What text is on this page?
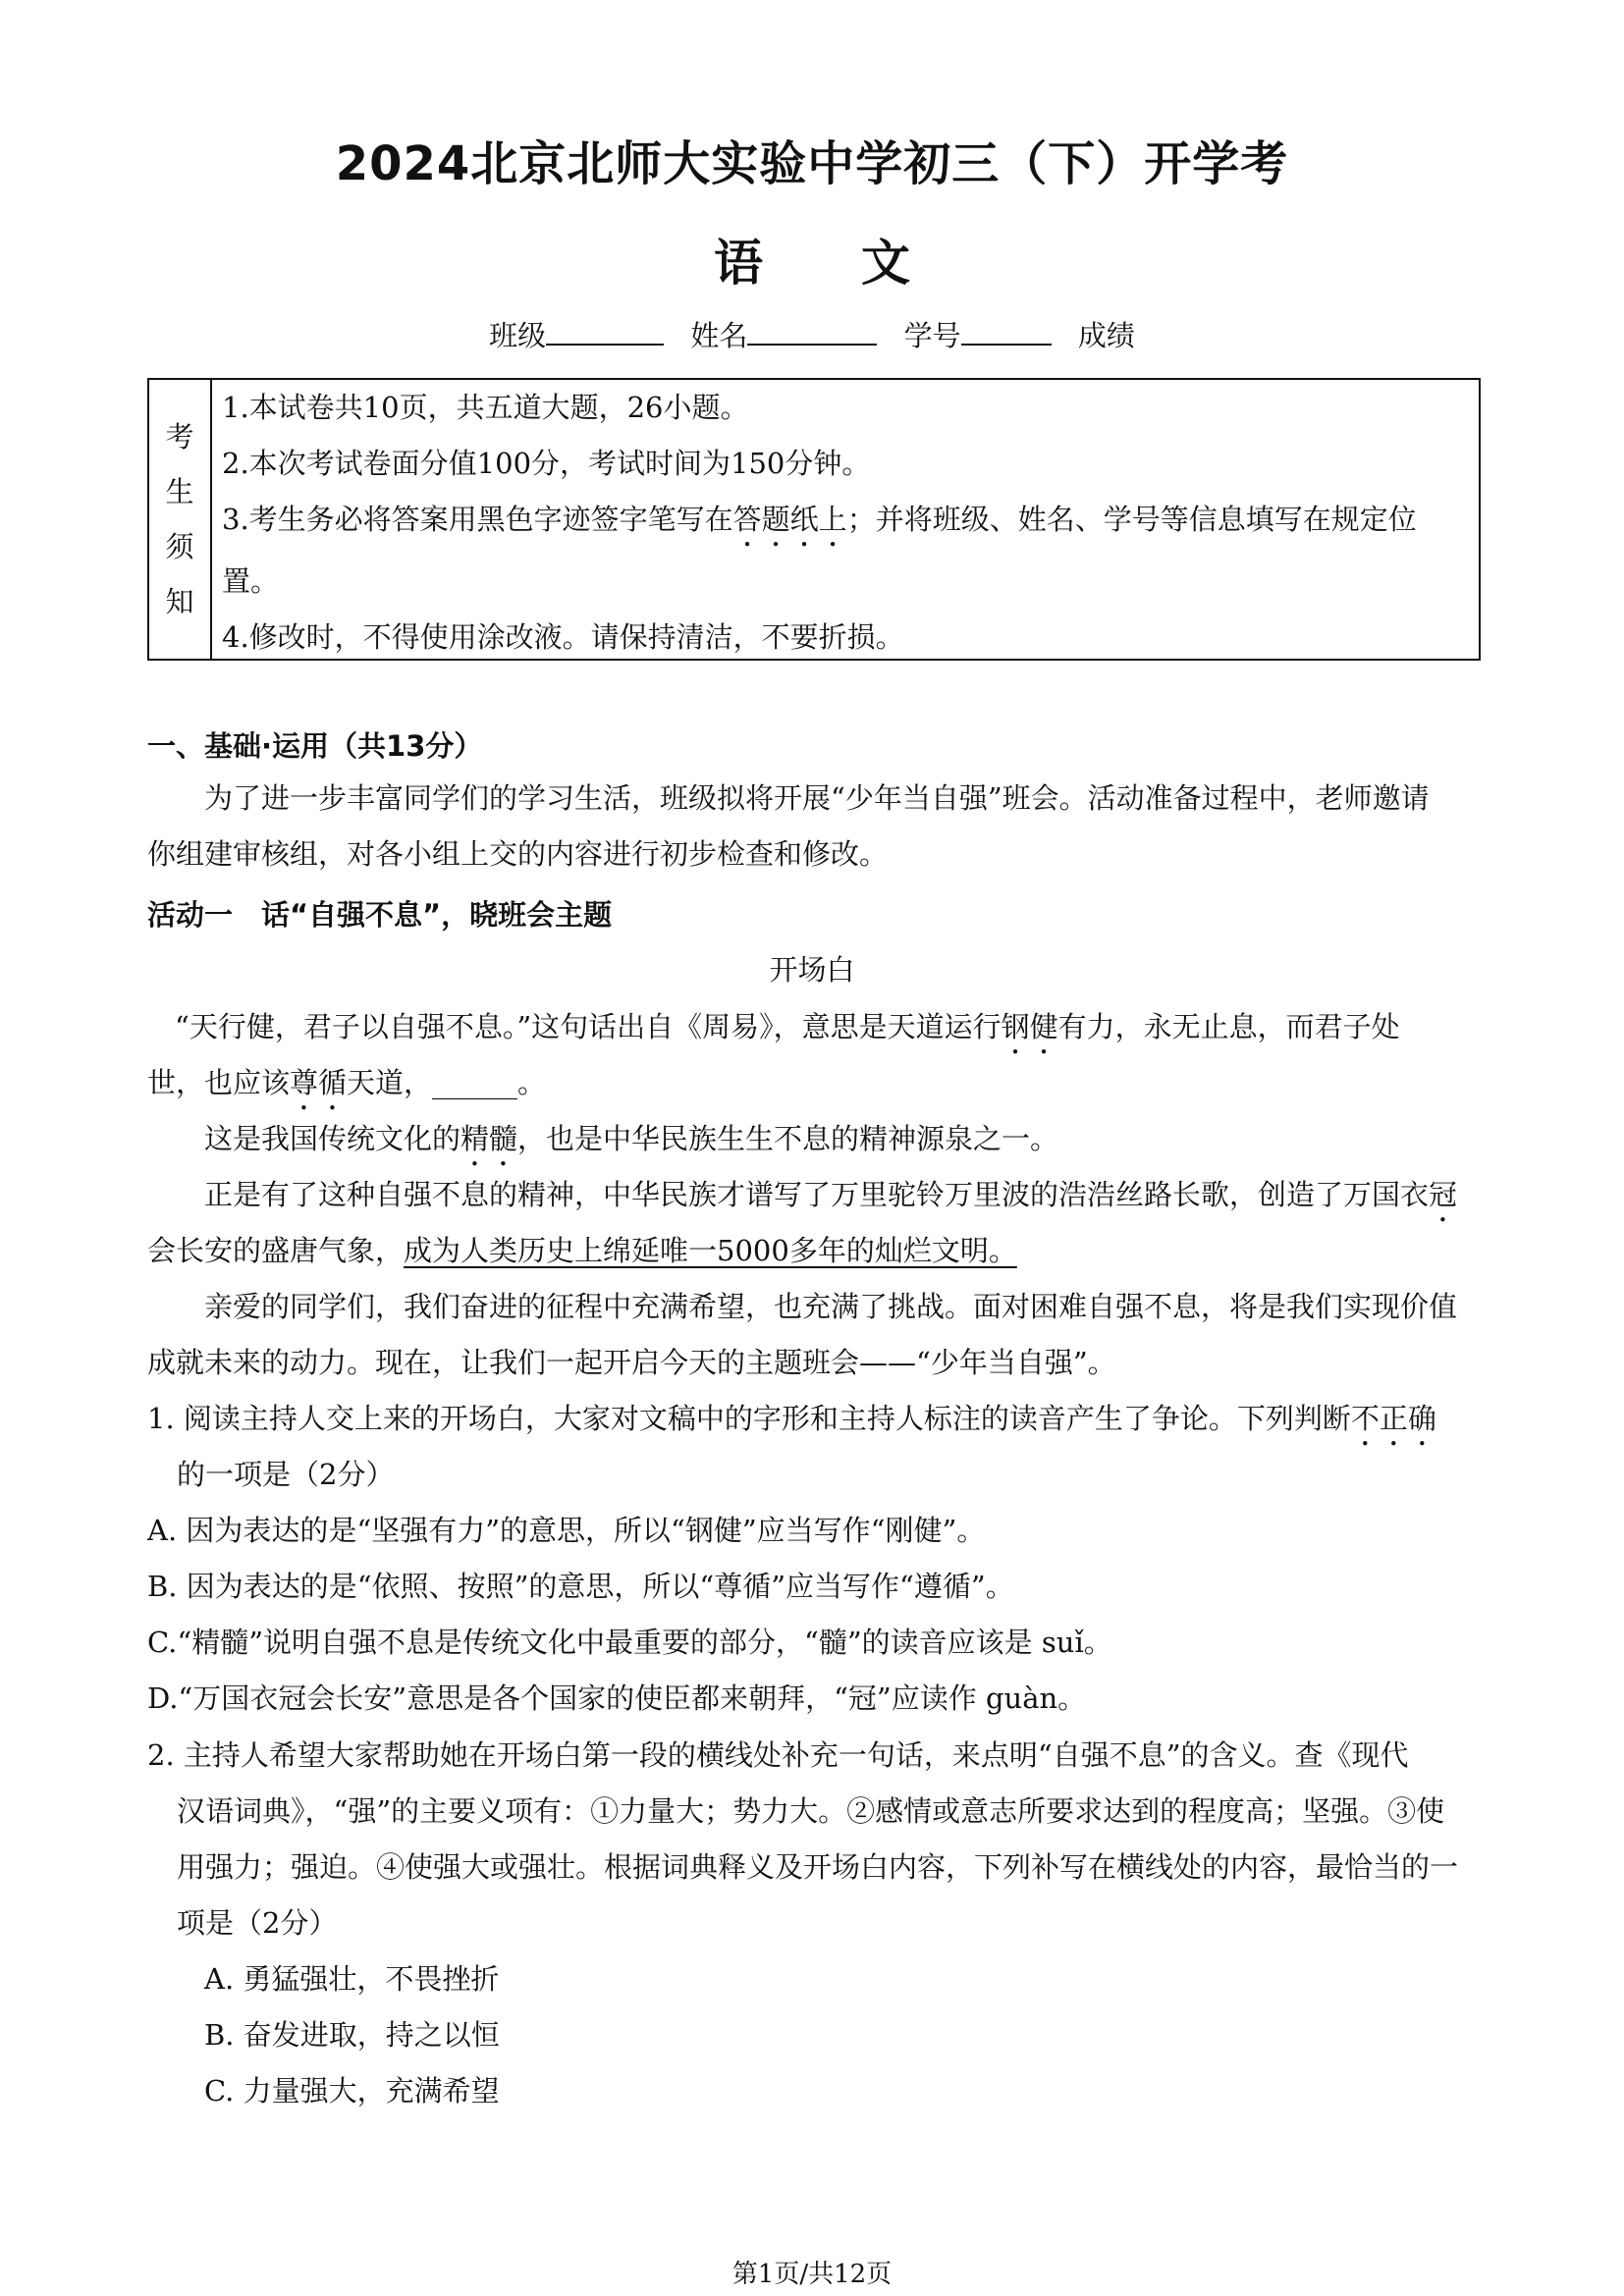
2024北京北师大实验中学初三（下）开学考
语　　文
班级	姓名	学号	成绩
考
生
须
知
1.本试卷共10页，共五道大题，26小题。
2.本次考试卷面分值100分，考试时间为150分钟。
3.考生务必将答案用黑色字迹签字笔写在答题纸上；并将班级、姓名、学号等信息填写在规定位
置。
4.修改时，不得使用涂改液。请保持清洁，不要折损。
一、基础·运用（共13分）
为了进一步丰富同学们的学习生活，班级拟将开展“少年当自强”班会。活动准备过程中，老师邀请
你组建审核组，对各小组上交的内容进行初步检查和修改。
活动一　话“自强不息”，晓班会主题
开场白
“天行健，君子以自强不息。”这句话出自《周易》，意思是天道运行钢健有力，永无止息，而君子处
世，也应该尊循天道，______。
这是我国传统文化的精髓，也是中华民族生生不息的精神源泉之一。
正是有了这种自强不息的精神，中华民族才谱写了万里驼铃万里波的浩浩丝路长歌，创造了万国衣冠
会长安的盛唐气象，成为人类历史上绵延唯一5000多年的灿烂文明。
亲爱的同学们，我们奋进的征程中充满希望，也充满了挑战。面对困难自强不息，将是我们实现价值
成就未来的动力。现在，让我们一起开启今天的主题班会——“少年当自强”。
1. 阅读主持人交上来的开场白，大家对文稿中的字形和主持人标注的读音产生了争论。下列判断不正确
的一项是（2分）
A. 因为表达的是“坚强有力”的意思，所以“钢健”应当写作“刚健”。
B. 因为表达的是“依照、按照”的意思，所以“尊循”应当写作“遵循”。
C.“精髓”说明自强不息是传统文化中最重要的部分，“髓”的读音应该是 suǐ。
D.“万国衣冠会长安”意思是各个国家的使臣都来朝拜，“冠”应读作 guàn。
2. 主持人希望大家帮助她在开场白第一段的横线处补充一句话，来点明“自强不息”的含义。查《现代
汉语词典》，“强”的主要义项有：①力量大；势力大。②感情或意志所要求达到的程度高；坚强。③使
用强力；强迫。④使强大或强壮。根据词典释义及开场白内容，下列补写在横线处的内容，最恰当的一
项是（2分）
A. 勇猛强壮，不畏挫折
B. 奋发进取，持之以恒
C. 力量强大，充满希望
第1页/共12页
